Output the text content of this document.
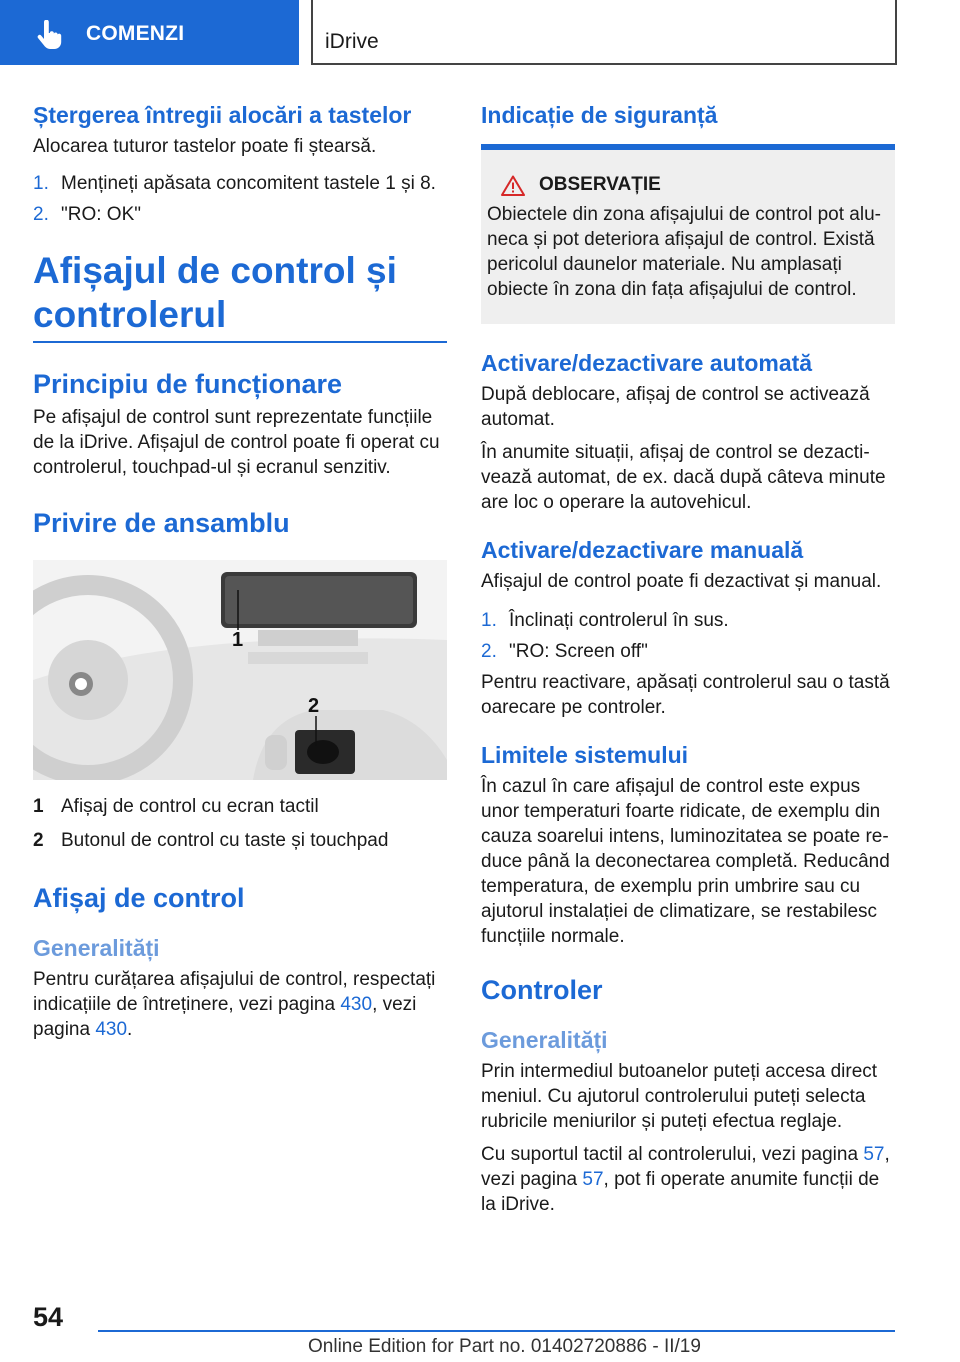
COMENZI	iDrive
Ștergerea întregii alocări a tastelor

Alocarea tuturor tastelor poate fi ștearsă.

1. Mențineți apăsata concomitent tastele 1 și 8.
2. "RO: OK"
Afișajul de control și
controlerul
Principiu de funcționare

Pe afișajul de control sunt reprezentate funcțiile de la iDrive. Afișajul de control poate fi operat cu controlerul, touchpad-ul și ecranul senzitiv.

Privire de ansamblu
1
2
1 Afișaj de control cu ecran tactil
2 Butonul de control cu taste și touchpad
Afișaj de control
Generalități

Pentru curățarea afișajului de control, respectați indicațiile de întreținere, vezi pagina 430, vezi pagina 430.

Indicație de siguranță
OBSERVAȚIE

Obiectele din zona afișajului de control pot aluneca și pot deteriora afișajul de control. Există pericolul daunelor materiale. Nu amplasați obiecte în zona din fața afișajului de control.

Activare/dezactivare automată

După deblocare, afișaj de control se activează automat.

În anumite situații, afișaj de control se dezactivează automat, de ex. dacă după câteva minute are loc o operare la autovehicul.

Activare/dezactivare manuală

Afișajul de control poate fi dezactivat și manual.

1. Înclinați controlerul în sus.
2. "RO: Screen off"

Pentru reactivare, apăsați controlerul sau o tastă oarecare pe controler.

Limitele sistemului

În cazul în care afișajul de control este expus unor temperaturi foarte ridicate, de exemplu din cauza soarelui intens, luminozitatea se poate reduce până la deconectarea completă. Reducând temperatura, de exemplu prin umbrire sau cu ajutorul instalației de climatizare, se restabilesc funcțiile normale.

Controler
Generalități

Prin intermediul butoanelor puteți accesa direct meniul. Cu ajutorul controlerului puteți selecta rubricile meniurilor și puteți efectua reglaje.

Cu suportul tactil al controlerului, vezi pagina 57, vezi pagina 57, pot fi operate anumite funcții de la iDrive.

54
Online Edition for Part no. 01402720886 - II/19
